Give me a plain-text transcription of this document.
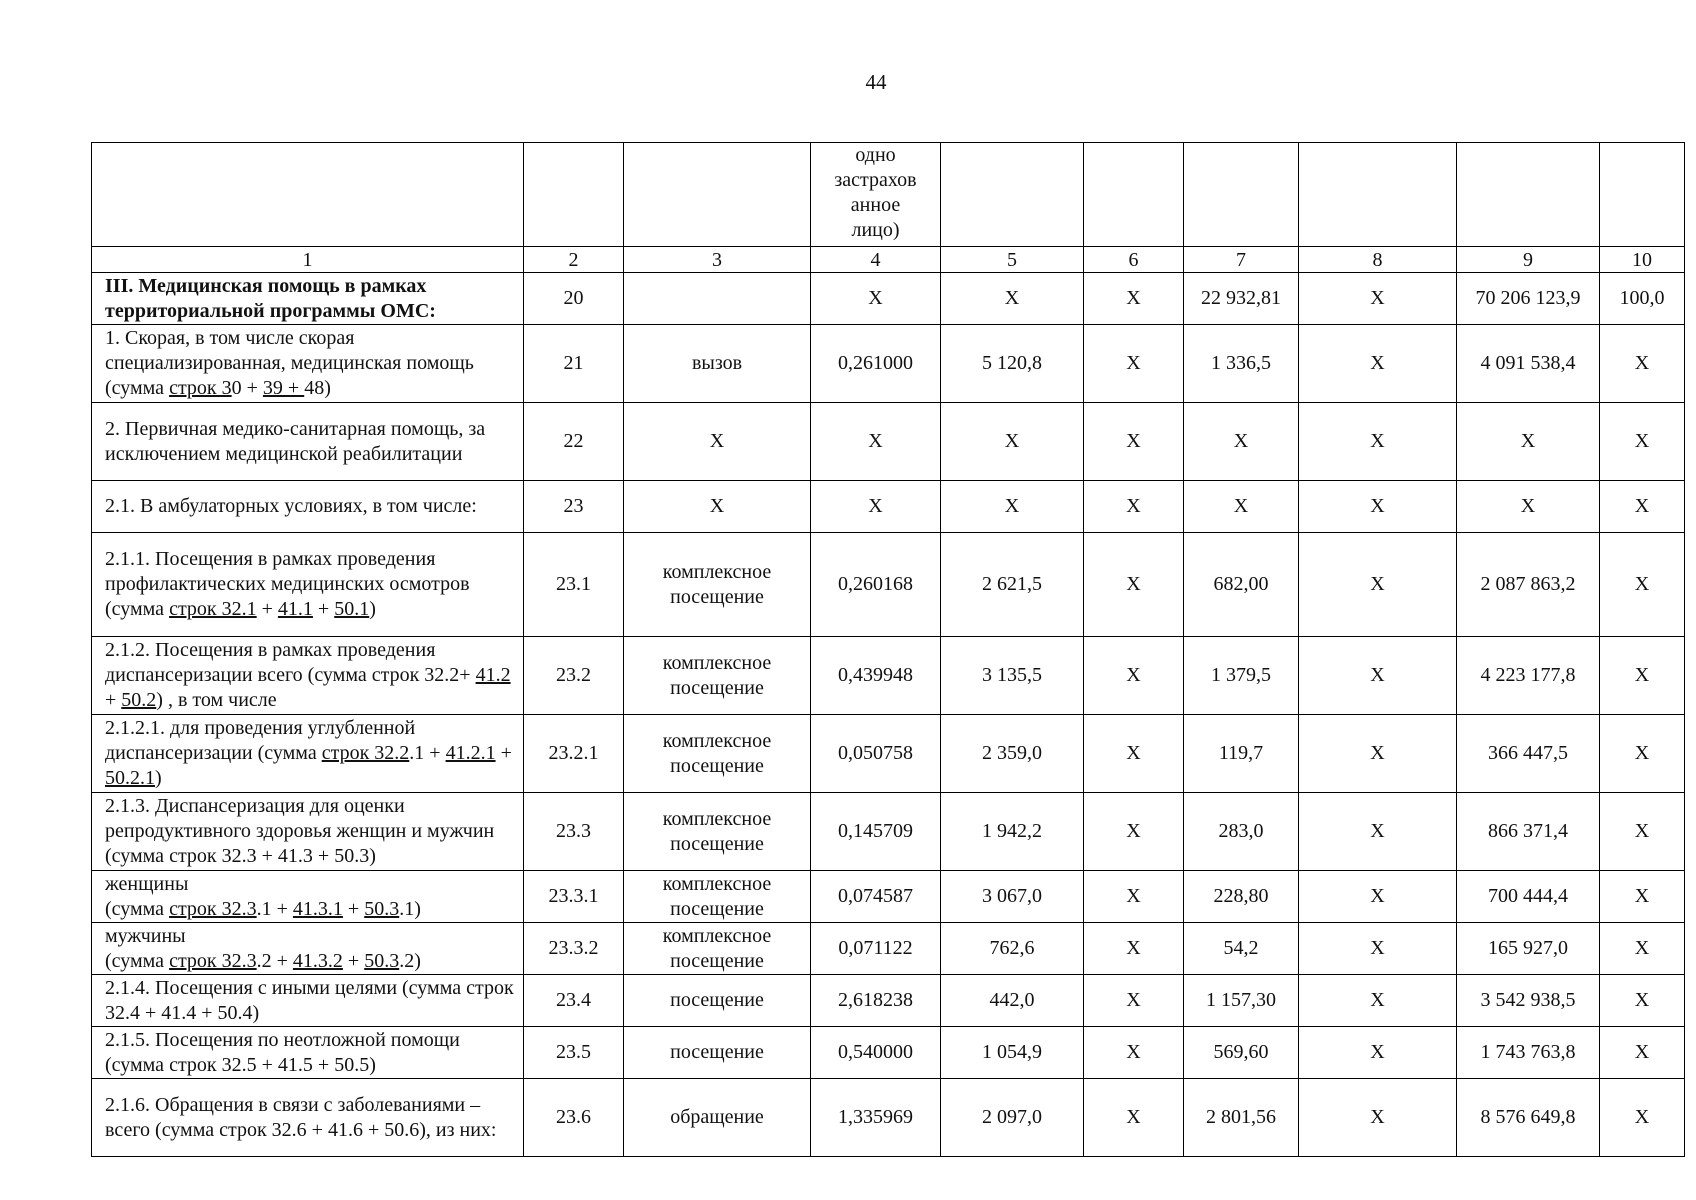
44
			одно
застрахов
анное
лицо)						
1	2	3	4	5	6	7	8	9	10
III. Медицинская помощь в рамках территориальной программы ОМС:	20		Х	Х	Х	22 932,81	Х	70 206 123,9	100,0
1. Скорая, в том числе скорая специализированная, медицинская помощь (сумма строк 30 + 39 + 48)	21	вызов	0,261000	5 120,8	Х	1 336,5	Х	4 091 538,4	Х
2. Первичная медико-санитарная помощь, за исключением медицинской реабилитации	22	Х	Х	Х	Х	Х	Х	Х	Х
2.1. В амбулаторных условиях, в том числе:	23	Х	Х	Х	Х	Х	Х	Х	Х
2.1.1. Посещения в рамках проведения профилактических медицинских осмотров (сумма строк 32.1 + 41.1 + 50.1)	23.1	комплексное посещение	0,260168	2 621,5	Х	682,00	Х	2 087 863,2	Х
2.1.2. Посещения в рамках проведения диспансеризации всего (сумма строк 32.2+ 41.2 + 50.2) , в том числе	23.2	комплексное посещение	0,439948	3 135,5	Х	1 379,5	Х	4 223 177,8	Х
2.1.2.1. для проведения углубленной диспансеризации (сумма строк 32.2.1 + 41.2.1 + 50.2.1)	23.2.1	комплексное посещение	0,050758	2 359,0	Х	119,7	Х	366 447,5	Х
2.1.3. Диспансеризация для оценки репродуктивного здоровья женщин и мужчин (сумма строк 32.3 + 41.3 + 50.3)	23.3	комплексное посещение	0,145709	1 942,2	Х	283,0	Х	866 371,4	Х
женщины
(сумма строк 32.3.1 + 41.3.1 + 50.3.1)	23.3.1	комплексное посещение	0,074587	3 067,0	Х	228,80	Х	700 444,4	Х
мужчины
(сумма строк 32.3.2 + 41.3.2 + 50.3.2)	23.3.2	комплексное посещение	0,071122	762,6	Х	54,2	Х	165 927,0	Х
2.1.4. Посещения с иными целями (сумма строк 32.4 + 41.4 + 50.4)	23.4	посещение	2,618238	442,0	Х	1 157,30	Х	3 542 938,5	Х
2.1.5. Посещения по неотложной помощи (сумма строк 32.5 + 41.5 + 50.5)	23.5	посещение	0,540000	1 054,9	Х	569,60	Х	1 743 763,8	Х
2.1.6. Обращения в связи с заболеваниями – всего (сумма строк 32.6 + 41.6 + 50.6), из них:	23.6	обращение	1,335969	2 097,0	Х	2 801,56	Х	8 576 649,8	Х
